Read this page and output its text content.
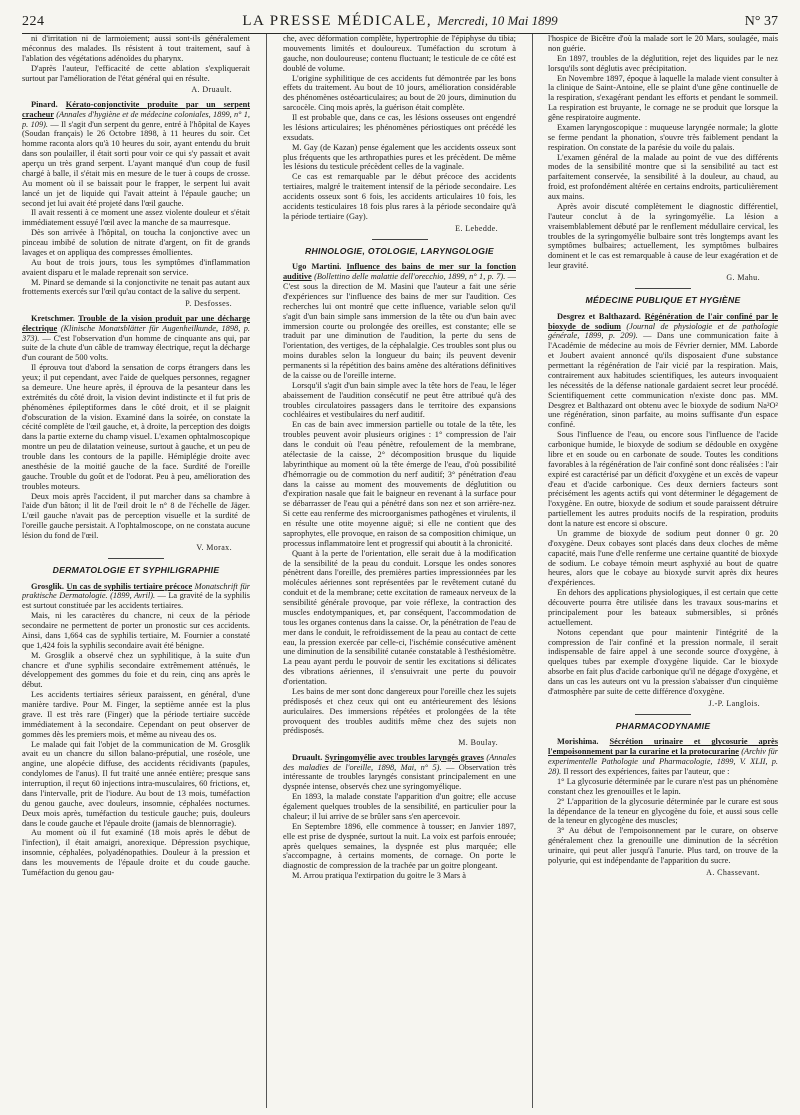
224	LA PRESSE MÉDICALE, Mercredi, 10 Mai 1899	N° 37

ni d'irritation ni de larmoiement; aussi sont-ils généralement méconnus des malades. Ils résistent à tout traitement, sauf à l'ablation des végétations adénoïdes du pharynx.

D'après l'auteur, l'efficacité de cette ablation s'expliquerait surtout par l'amélioration de l'état général qui en résulte.

A. Druault.

Pinard. Kérato-conjonctivite produite par un serpent cracheur (Annales d'hygiène et de médecine coloniales, 1899, n° 1, p. 109). — Il s'agit d'un serpent du genre, entré à l'hôpital de Kayes (Soudan français) le 26 Octobre 1898, à 11 heures du soir. Cet homme raconta alors qu'à 10 heures du soir, ayant entendu du bruit dans son poulailler, il était sorti pour voir ce qui s'y passait et avait aperçu un très grand serpent. L'ayant manqué d'un coup de fusil chargé à balle, il s'était mis en mesure de le tuer à coups de crosse. Au moment où il se baissait pour le frapper, le serpent lui avait lancé un jet de liquide qui l'avait atteint à l'épaule gauche; un second jet lui avait été projeté dans l'œil gauche.

Il avait ressenti à ce moment une assez violente douleur et s'était immédiatement essuyé l'œil avec la manche de sa maurresque.

Dès son arrivée à l'hôpital, on toucha la conjonctive avec un pinceau imbibé de solution de nitrate d'argent, on fit de grands lavages et on appliqua des compresses émollientes.

Au bout de trois jours, tous les symptômes d'inflammation avaient disparu et le malade reprenait son service.

M. Pinard se demande si la conjonctivite ne tenait pas autant aux frottements exercés sur l'œil qu'au contact de la salive du serpent.

P. Desfosses.

Kretschmer. Trouble de la vision produit par une décharge électrique (Klinische Monatsblätter für Augenheilkunde, 1898, p. 373). — C'est l'observation d'un homme de cinquante ans qui, par suite de la chute d'un câble de tramway électrique, reçut la décharge d'un courant de 500 volts.

Il éprouva tout d'abord la sensation de corps étrangers dans les yeux; il put cependant, avec l'aide de quelques personnes, regagner sa demeure. Une heure après, il éprouva de la pesanteur dans les extrémités du côté droit, la vision devint indistincte et il fut pris de phénomènes épileptiformes dans le côté droit, et il se plaignit d'obscuration de la vision. Examiné dans la soirée, on constate la cécité complète de l'œil gauche, et, à droite, la perception des doigts dans la partie externe du champ visuel. L'examen ophtalmoscopique montre un peu de dilatation veineuse, surtout à gauche, et un peu de trouble dans les contours de la papille. Hémiplégie droite avec anesthésie de la moitié gauche de la face. Surdité de l'oreille gauche. Trouble du goût et de l'odorat. Peu à peu, amélioration des troubles moteurs.

Deux mois après l'accident, il put marcher dans sa chambre à l'aide d'un bâton; il lit de l'œil droit le n° 8 de l'échelle de Jäger. L'œil gauche n'avait pas de perception visuelle et la surdité de l'oreille gauche persistait. A l'ophtalmoscope, on ne constata aucune lésion du fond de l'œil.

V. Morax.
DERMATOLOGIE ET SYPHILIGRAPHIE

Grosglik. Un cas de syphilis tertiaire précoce Monatschrift für praktische Dermatologie. (1899, Avril). — La gravité de la syphilis est surtout constituée par les accidents tertiaires.

Mais, ni les caractères du chancre, ni ceux de la période secondaire ne permettent de porter un pronostic sur ces accidents. Ainsi, dans 1,664 cas de syphilis tertiaire, M. Fournier a constaté que 1,424 fois la syphilis secondaire avait été bénigne.

M. Grosglik a observé chez un syphilitique, à la suite d'un chancre et d'une syphilis secondaire extrêmement atténués, le développement des gommes du foie et du rein, cinq ans après le début.

Les accidents tertiaires sérieux paraissent, en général, d'une manière tardive. Pour M. Finger, la septième année est la plus grave. Il est très rare (Finger) que la période tertiaire succède immédiatement à la secondaire. Cependant on peut observer de gommes dès les premiers mois, et même au niveau des os.

Le malade qui fait l'objet de la communication de M. Grosglik avait eu un chancre du sillon balano-préputial, une roséole, une angine, une alopécie diffuse, des accidents récidivants (papules, condylomes de l'anus). Il fut traité une année entière; presque sans interruption, il reçut 60 injections intra-musculaires, 60 frictions, et, dans l'intervalle, prit de l'iodure. Au bout de 13 mois, tuméfaction du genou gauche, avec douleurs, insomnie, céphalées nocturnes. Deux mois après, tuméfaction du testicule gauche; puis, douleurs dans le coude gauche et l'épaule droite (jamais de blennorragie).

Au moment où il fut examiné (18 mois après le début de l'infection), il était amaigri, anorexique. Dépression psychique, insomnie, céphalées, polyadénopathies. Douleur à la pression et dans les mouvements de l'épaule droite et du coude gauche. Tuméfaction du genou gau-

che, avec déformation complète, hypertrophie de l'épiphyse du tibia; mouvements limités et douloureux. Tuméfaction du scrotum à gauche, non douloureuse; contenu fluctuant; le testicule de ce côté est doublé de volume.

L'origine syphilitique de ces accidents fut démontrée par les bons effets du traitement. Au bout de 10 jours, amélioration considérable des phénomènes ostéoarticulaires; au bout de 20 jours, diminution du sarcocèle. Cinq mois après, la guérison était complète.

Il est probable que, dans ce cas, les lésions osseuses ont engendré les lésions articulaires; les phénomènes périostiques ont précédé les exsudats.

M. Gay (de Kazan) pense également que les accidents osseux sont plus fréquents que les arthropathies pures et les précèdent. De même les lésions du testicule précèdent celles de la vaginale.

Ce cas est remarquable par le début précoce des accidents tertiaires, malgré le traitement intensif de la période secondaire. Les accidents osseux sont 6 fois, les accidents articulaires 10 fois, les accidents testiculaires 18 fois plus rares à la période secondaire qu'à la période tertiaire (Gay).

E. Lebedde.
RHINOLOGIE, OTOLOGIE, LARYNGOLOGIE

Ugo Martini. Influence des bains de mer sur la fonction auditive (Bollettino delle malattie dell'orecchio, 1899, n° 1, p. 7). — C'est sous la direction de M. Masini que l'auteur a fait une série d'expériences sur l'influence des bains de mer sur l'audition. Ces recherches lui ont montré que cette influence, variable selon qu'il s'agit d'un bain simple sans immersion de la tête ou d'un bain avec immersion courte ou prolongée des oreilles, est constante; elle se traduit par une diminution de l'audition, la perte du sens de l'orientation, des vertiges, de la céphalalgie. Ces troubles sont plus ou moins durables selon la longueur du bain; ils peuvent devenir permanents si la répétition des bains amène des altérations définitives de la caisse ou de l'oreille interne.

Lorsqu'il s'agit d'un bain simple avec la tête hors de l'eau, le léger abaissement de l'audition consécutif ne peut être attribué qu'à des troubles circulatoires passagers dans le territoire des expansions cochléaires et vestibulaires du nerf auditif.

En cas de bain avec immersion partielle ou totale de la tête, les troubles peuvent avoir plusieurs origines : 1° compression de l'air dans le conduit où l'eau pénètre, refoulement de la membrane, atélectasie de la caisse, 2° décomposition brusque du liquide labyrinthique au moment où la tête émerge de l'eau, d'où possibilité d'hémorragie ou de commotion du nerf auditif; 3° pénétration d'eau dans la caisse au moment des mouvements de déglutition ou d'expiration nasale que fait le baigneur en revenant à la surface pour se débarrasser de l'eau qui a pénétré dans son nez et son arrière-nez. Si cette eau renferme des microorganismes pathogènes et virulents, il en résulte une otite moyenne aiguë; si elle ne contient que des saprophytes, elle provoque, en raison de sa composition chimique, un processus inflammatoire lent et progressif qui aboutit à la chronicité.

Quant à la perte de l'orientation, elle serait due à la modification de la sensibilité de la peau du conduit. Lorsque les ondes sonores pénètrent dans l'oreille, des premières parties impressionnées par les molécules aériennes sont représentées par le revêtement cutané du conduit et de la membrane; cette excitation de rameaux nerveux de la sensibilité générale provoque, par voie réflexe, la contraction des muscles endotympaniques, et, par conséquent, l'accommodation de tous les organes contenus dans la caisse. Or, la pénétration de l'eau de mer dans le conduit, le refroidissement de la peau au contact de cette eau, la pression exercée par celle-ci, l'ischémie consécutive amènent une diminution de la sensibilité cutanée constatable à l'esthésiomètre. La peau ayant perdu le pouvoir de sentir les excitations si délicates des vibrations aériennes, il s'ensuivrait une perte du pouvoir d'orientation.

Les bains de mer sont donc dangereux pour l'oreille chez les sujets prédisposés et chez ceux qui ont eu antérieurement des lésions auriculaires. Des immersions répétées et prolongées de la tête provoquent des troubles auditifs même chez des sujets non prédisposés.

M. Boulay.

Druault. Syringomyélie avec troubles laryngés graves (Annales des maladies de l'oreille, 1898, Mai, n° 5). — Observation très intéressante de troubles laryngés consistant principalement en une dyspnée intense, observés chez une syringomyélique.

En 1893, la malade constate l'apparition d'un goitre; elle accuse également quelques troubles de la sensibilité, en particulier pour la chaleur; il lui arrive de se brûler sans s'en apercevoir.

En Septembre 1896, elle commence à tousser; en Janvier 1897, elle est prise de dyspnée, surtout la nuit. La voix est parfois enrouée; après quelques semaines, la dyspnée est plus marquée; elle s'accompagne, à certains moments, de cornage. On porte le diagnostic de compression de la trachée par un goitre plongeant.

M. Arrou pratiqua l'extirpation du goitre le 3 Mars à

l'hospice de Bicêtre d'où la malade sort le 20 Mars, soulagée, mais non guérie.

En 1897, troubles de la déglutition, rejet des liquides par le nez lorsqu'ils sont déglutis avec précipitation.

En Novembre 1897, époque à laquelle la malade vient consulter à la clinique de Saint-Antoine, elle se plaint d'une gêne continuelle de la respiration, s'exagérant pendant les efforts et pendant le sommeil. La respiration est bruyante, le cornage ne se produit que lorsque la gêne respiratoire augmente.

Examen laryngoscopique : muqueuse laryngée normale; la glotte se ferme pendant la phonation, s'ouvre très faiblement pendant la respiration. On constate de la parésie du voile du palais.

L'examen général de la malade au point de vue des différents modes de la sensibilité montre que si la sensibilité au tact est parfaitement conservée, la sensibilité à la douleur, au chaud, au froid, est profondément altérée en certains endroits, particulièrement aux mains.

Après avoir discuté complètement le diagnostic différentiel, l'auteur conclut à de la syringomyélie. La lésion a vraisemblablement débuté par le renflement médullaire cervical, les troubles de la syringomyélie bulbaire sont très longtemps avant les symptômes bulbaires; actuellement, les symptômes bulbaires dominent et le cas est remarquable à cause de leur exagération et de leur gravité.

G. Mahu.
MÉDECINE PUBLIQUE ET HYGIÈNE

Desgrez et Balthazard. Régénération de l'air confiné par le bioxyde de sodium (Journal de physiologie et de pathologie générale, 1899, p. 209). — Dans une communication faite à l'Académie de médecine au mois de Février dernier, MM. Laborde et Joubert avaient annoncé qu'ils disposaient d'une substance permettant la régénération de l'air vicié par la respiration. Mais, contrairement aux habitudes scientifiques, les auteurs invoquaient les nécessités de la défense nationale gardaient secret leur procédé. Scientifiquement cette communication n'existe donc pas. MM. Desgrez et Balthazard ont obtenu avec le bioxyde de sodium Na²O² une régénération, sinon parfaite, au moins suffisante d'un espace confiné.

Sous l'influence de l'eau, ou encore sous l'influence de l'acide carbonique humide, le bioxyde de sodium se dédouble en oxygène libre et en soude ou en carbonate de soude. Toutes les conditions favorables à la régénération de l'air confiné sont donc réalisées : l'air expiré est caractérisé par un déficit d'oxygène et un excès de vapeur d'eau et d'acide carbonique. Ces deux derniers facteurs sont précisément les agents actifs qui vont déterminer le dégagement de l'oxygène. En outre, bioxyde de sodium et soude paraissent détruire partiellement les autres produits nocifs de la respiration, produits dont la nature est encore si obscure.

Un gramme de bioxyde de sodium peut donner 0 gr. 20 d'oxygène. Deux cobayes sont placés dans deux cloches de même capacité, mais l'une d'elle renferme une certaine quantité de bioxyde de sodium. Le cobaye témoin meurt asphyxié au bout de quatre heures, alors que le cobaye au bioxyde survit après dix heures d'expériences.

En dehors des applications physiologiques, il est certain que cette découverte pourra être utilisée dans les travaux sous-marins et principalement pour les bateaux submersibles, si prônés actuellement.

Notons cependant que pour maintenir l'intégrité de la compression de l'air confiné et la pression normale, il serait indispensable de faire appel à une seconde source d'oxygène, à quelques tubes par exemple d'oxygène liquide. Car le bioxyde absorbe en fait plus d'acide carbonique qu'il ne dégage d'oxygène, et dans un cas les auteurs ont vu la pression s'abaisser d'un cinquième d'atmosphère par suite de cette différence d'oxygène.

J.-P. Langlois.
PHARMACODYNAMIE

Morishima. Sécrétion urinaire et glycosurie après l'empoisonnement par la curarine et la protocurarine (Archiv für experimentelle Pathologie und Pharmacologie, 1899, V. XLII, p. 28). Il ressort des expériences, faites par l'auteur, que :

1° La glycosurie déterminée par le curare n'est pas un phénomène constant chez les grenouilles et le lapin.

2° L'apparition de la glycosurie déterminée par le curare est sous la dépendance de la teneur en glycogène du foie, et aussi sous celle de la teneur en glycogène des muscles;

3° Au début de l'empoisonnement par le curare, on observe généralement chez la grenouille une diminution de la sécrétion urinaire, qui peut aller jusqu'à l'anurie. Plus tard, on trouve de la polyurie, qui est indépendante de l'apparition du sucre.

A. Chassevant.
